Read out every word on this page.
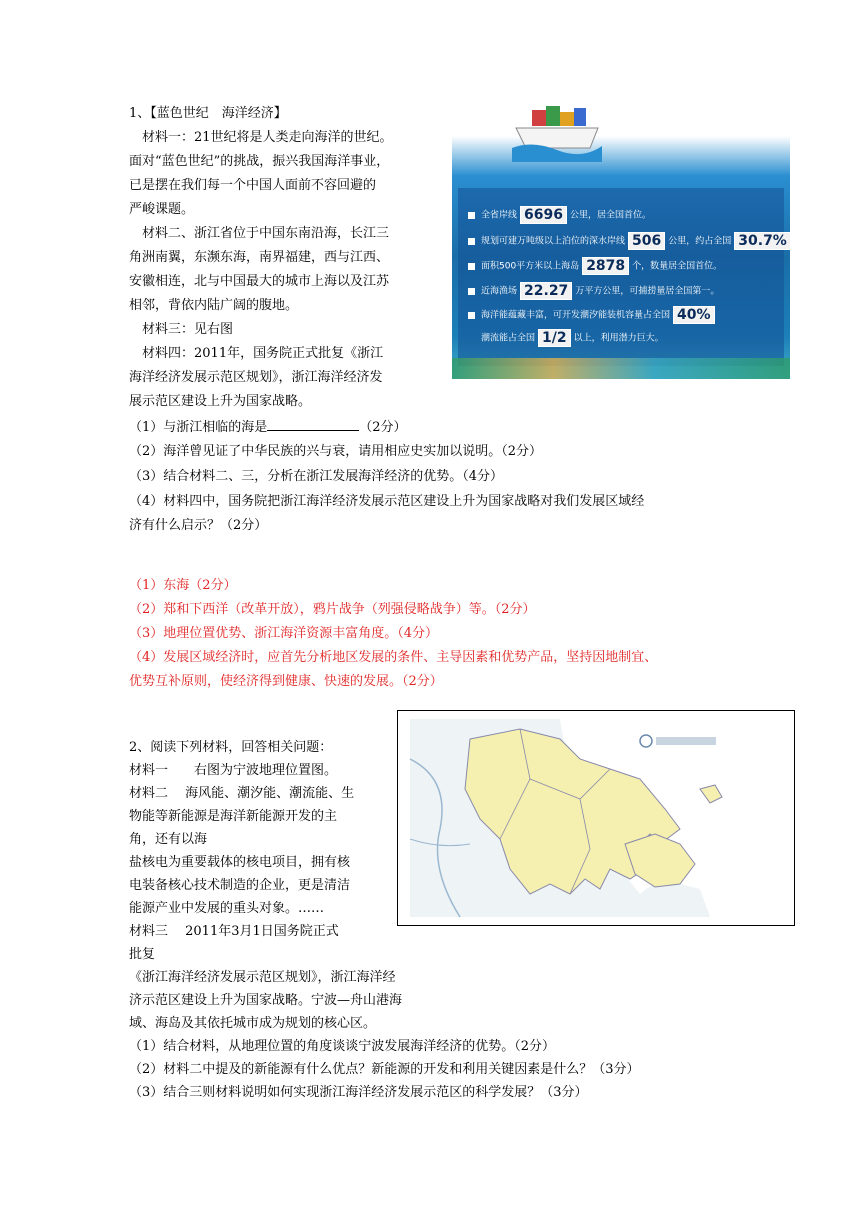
1、【蓝色世纪　海洋经济】
　材料一：21世纪将是人类走向海洋的世纪。
面对“蓝色世纪”的挑战，振兴我国海洋事业，
已是摆在我们每一个中国人面前不容回避的
严峻课题。
　材料二、浙江省位于中国东南沿海，长江三
角洲南翼，东濒东海，南界福建，西与江西、
安徽相连，北与中国最大的城市上海以及江苏
相邻，背依内陆广阔的腹地。
　材料三：见右图
　材料四：2011年，国务院正式批复《浙江
海洋经济发展示范区规划》，浙江海洋经济发
展示范区建设上升为国家战略。
（1）与浙江相临的海是	（2分）
（2）海洋曾见证了中华民族的兴与衰，请用相应史实加以说明。（2分）
（3）结合材料二、三，分析在浙江发展海洋经济的优势。（4分）
（4）材料四中，国务院把浙江海洋经济发展示范区建设上升为国家战略对我们发展区域经
济有什么启示？（2分）
（1）东海（2分）
（2）郑和下西洋（改革开放），鸦片战争（列强侵略战争）等。（2分）
（3）地理位置优势、浙江海洋资源丰富角度。（4分）
（4）发展区域经济时，应首先分析地区发展的条件、主导因素和优势产品，坚持因地制宜、
优势互补原则，使经济得到健康、快速的发展。（2分）
全省岸线 6696 公里，居全国首位。
规划可建万吨级以上泊位的深水岸线 506 公里，约占全国 30.7% 。
面积500平方米以上海岛 2878 个，数量居全国首位。
近海渔场 22.27 万平方公里，可捕捞量居全国第一。
海洋能蕴藏丰富，可开发潮汐能装机容量占全国 40%
潮流能占全国 1/2 以上，利用潜力巨大。
2、阅读下列材料，回答相关问题：
材料一　　右图为宁波地理位置图。
材料二　 海风能、潮汐能、潮流能、生
物能等新能源是海洋新能源开发的主
角，还有以海
盐核电为重要载体的核电项目，拥有核
电装备核心技术制造的企业，更是清洁
能源产业中发展的重头对象。……
材料三　 2011年3月1日国务院正式
批复
《浙江海洋经济发展示范区规划》，浙江海洋经
济示范区建设上升为国家战略。宁波—舟山港海
域、海岛及其依托城市成为规划的核心区。
（1）结合材料，从地理位置的角度谈谈宁波发展海洋经济的优势。（2分）
（2）材料二中提及的新能源有什么优点？新能源的开发和利用关键因素是什么？（3分）
（3）结合三则材料说明如何实现浙江海洋经济发展示范区的科学发展？（3分）
